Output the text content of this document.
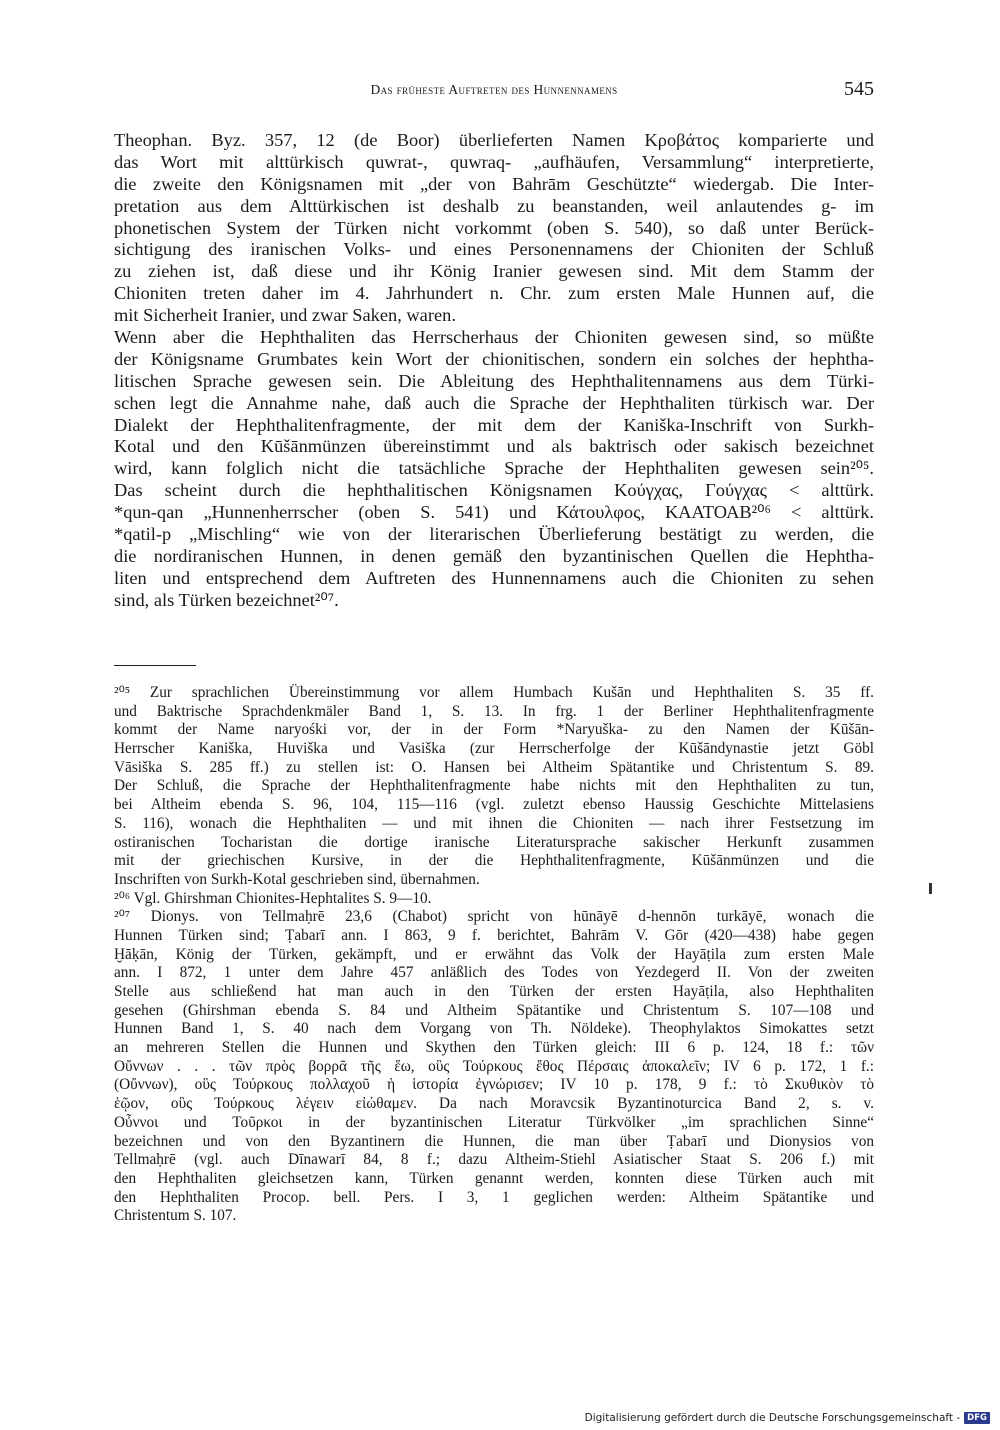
Das früheste Auftreten des Hunnennamens	545
Theophan. Byz. 357, 12 (de Boor) überlieferten Namen Κροβάτος komparierte und
das Wort mit alttürkisch quwrat-, quwraq- „aufhäufen, Versammlung“ interpretierte,
die zweite den Königsnamen mit „der von Bahrām Geschützte“ wiedergab. Die Inter-
pretation aus dem Alttürkischen ist deshalb zu beanstanden, weil anlautendes g- im
phonetischen System der Türken nicht vorkommt (oben S. 540), so daß unter Berück-
sichtigung des iranischen Volks- und eines Personennamens der Chioniten der Schluß
zu ziehen ist, daß diese und ihr König Iranier gewesen sind. Mit dem Stamm der
Chioniten treten daher im 4. Jahrhundert n. Chr. zum ersten Male Hunnen auf, die
mit Sicherheit Iranier, und zwar Saken, waren.
Wenn aber die Hephthaliten das Herrscherhaus der Chioniten gewesen sind, so müßte
der Königsname Grumbates kein Wort der chionitischen, sondern ein solches der hephtha-
litischen Sprache gewesen sein. Die Ableitung des Hephthalitennamens aus dem Türki-
schen legt die Annahme nahe, daß auch die Sprache der Hephthaliten türkisch war. Der
Dialekt der Hephthalitenfragmente, der mit dem der Kaniška-Inschrift von Surkh-
Kotal und den Kūšānmünzen übereinstimmt und als baktrisch oder sakisch bezeichnet
wird, kann folglich nicht die tatsächliche Sprache der Hephthaliten gewesen sein²⁰⁵.
Das scheint durch die hephthalitischen Königsnamen Κούγχας, Γούγχας < alttürk.
*qun-qan „Hunnenherrscher (oben S. 541) und Κάτουλφος, ΚΑΑΤΟΑΒ²⁰⁶ < alttürk.
*qatil-p „Mischling“ wie von der literarischen Überlieferung bestätigt zu werden, die
die nordiranischen Hunnen, in denen gemäß den byzantinischen Quellen die Hephtha-
liten und entsprechend dem Auftreten des Hunnennamens auch die Chioniten zu sehen
sind, als Türken bezeichnet²⁰⁷.
²⁰⁵ Zur sprachlichen Übereinstimmung vor allem Humbach Kušān und Hephthaliten S. 35 ff.
und Baktrische Sprachdenkmäler Band 1, S. 13. In frg. 1 der Berliner Hephthalitenfragmente
kommt der Name naryośki vor, der in der Form *Naryuška- zu den Namen der Kūšān-
Herrscher Kaniška, Huviška und Vasiška (zur Herrscherfolge der Kūšāndynastie jetzt Göbl
Vāsiška S. 285 ff.) zu stellen ist: O. Hansen bei Altheim Spätantike und Christentum S. 89.
Der Schluß, die Sprache der Hephthalitenfragmente habe nichts mit den Hephthaliten zu tun,
bei Altheim ebenda S. 96, 104, 115—116 (vgl. zuletzt ebenso Haussig Geschichte Mittelasiens
S. 116), wonach die Hephthaliten — und mit ihnen die Chioniten — nach ihrer Festsetzung im
ostiranischen Tocharistan die dortige iranische Literatursprache sakischer Herkunft zusammen
mit der griechischen Kursive, in der die Hephthalitenfragmente, Kūšānmünzen und die
Inschriften von Surkh-Kotal geschrieben sind, übernahmen.
²⁰⁶ Vgl. Ghirshman Chionites-Hephtalites S. 9—10.
²⁰⁷ Dionys. von Tellmaḥrē 23,6 (Chabot) spricht von hūnāyē d-hennōn turkāyē, wonach die
Hunnen Türken sind; Ṭabarī ann. I 863, 9 f. berichtet, Bahrām V. Gōr (420—438) habe gegen
Ḫāḳān, König der Türken, gekämpft, und er erwähnt das Volk der Hayāṭila zum ersten Male
ann. I 872, 1 unter dem Jahre 457 anläßlich des Todes von Yezdegerd II. Von der zweiten
Stelle aus schließend hat man auch in den Türken der ersten Hayāṭila, also Hephthaliten
gesehen (Ghirshman ebenda S. 84 und Altheim Spätantike und Christentum S. 107—108 und
Hunnen Band 1, S. 40 nach dem Vorgang von Th. Nöldeke). Theophylaktos Simokattes setzt
an mehreren Stellen die Hunnen und Skythen den Türken gleich: III 6 p. 124, 18 f.: τῶν
Οὔννων . . . τῶν πρὸς βορρᾶ τῆς ἕω, οὓς Τούρκους ἔθος Πέρσαις ἀποκαλεῖν; IV 6 p. 172, 1 f.:
(Οὔννων), οὓς Τούρκους πολλαχοῦ ἡ ἱστορία ἐγνώρισεν; IV 10 p. 178, 9 f.: τὸ Σκυθικὸν τὸ
ἑῷον, οὓς Τούρκους λέγειν εἰώθαμεν. Da nach Moravcsik Byzantinoturcica Band 2, s. v.
Οὖννοι und Τοῦρκοι in der byzantinischen Literatur Türkvölker „im sprachlichen Sinne“
bezeichnen und von den Byzantinern die Hunnen, die man über Ṭabarī und Dionysios von
Tellmaḥrē (vgl. auch Dīnawarī 84, 8 f.; dazu Altheim-Stiehl Asiatischer Staat S. 206 f.) mit
den Hephthaliten gleichsetzen kann, Türken genannt werden, konnten diese Türken auch mit
den Hephthaliten Procop. bell. Pers. I 3, 1 geglichen werden: Altheim Spätantike und
Christentum S. 107.
Digitalisierung gefördert durch die Deutsche Forschungsgemeinschaft - DFG
